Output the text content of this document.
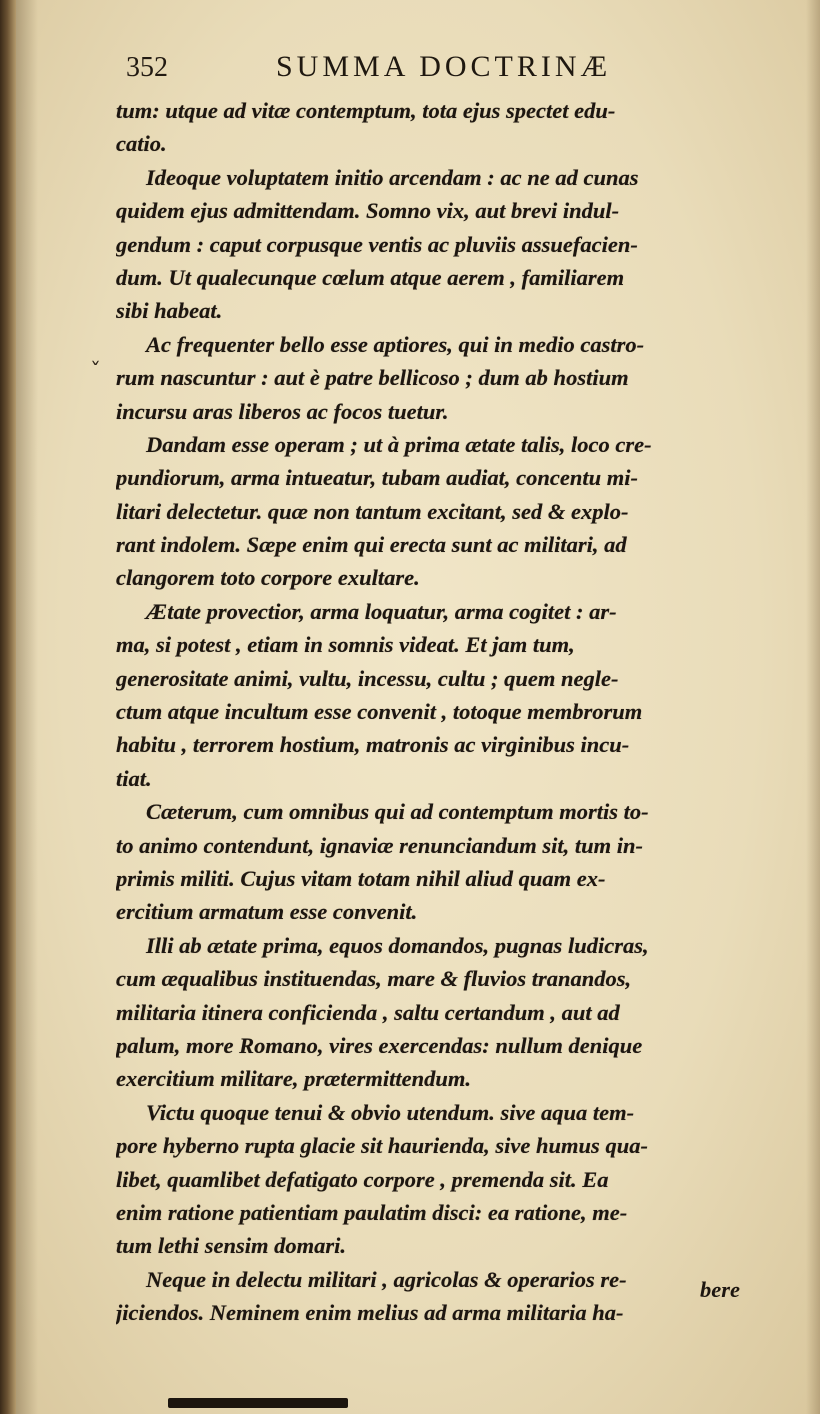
352	SUMMA DOCTRINÆ
ˇ
tum: utque ad vitæ contemptum, tota ejus spectet edu-
catio.
Ideoque voluptatem initio arcendam : ac ne ad cunas
quidem ejus admittendam. Somno vix, aut brevi indul-
gendum : caput corpusque ventis ac pluviis assuefacien-
dum. Ut qualecunque cœlum atque aerem , familiarem
sibi habeat.
Ac frequenter bello esse aptiores, qui in medio castro-
rum nascuntur : aut è patre bellicoso ; dum ab hostium
incursu aras liberos ac focos tuetur.
Dandam esse operam ; ut à prima ætate talis, loco cre-
pundiorum, arma intueatur, tubam audiat, concentu mi-
litari delectetur. quæ non tantum excitant, sed & explo-
rant indolem. Sæpe enim qui erecta sunt ac militari, ad
clangorem toto corpore exultare.
Ætate provectior, arma loquatur, arma cogitet : ar-
ma, si potest , etiam in somnis videat. Et jam tum,
generositate animi, vultu, incessu, cultu ; quem negle-
ctum atque incultum esse convenit , totoque membrorum
habitu , terrorem hostium, matronis ac virginibus incu-
tiat.
Cæterum, cum omnibus qui ad contemptum mortis to-
to animo contendunt, ignaviæ renunciandum sit, tum in-
primis militi. Cujus vitam totam nihil aliud quam ex-
ercitium armatum esse convenit.
Illi ab ætate prima, equos domandos, pugnas ludicras,
cum æqualibus instituendas, mare & fluvios tranandos,
militaria itinera conficienda , saltu certandum , aut ad
palum, more Romano, vires exercendas: nullum denique
exercitium militare, prætermittendum.
Victu quoque tenui & obvio utendum. sive aqua tem-
pore hyberno rupta glacie sit haurienda, sive humus qua-
libet, quamlibet defatigato corpore , premenda sit. Ea
enim ratione patientiam paulatim disci: ea ratione, me-
tum lethi sensim domari.
Neque in delectu militari , agricolas & operarios re-
jiciendos. Neminem enim melius ad arma militaria ha-
bere
